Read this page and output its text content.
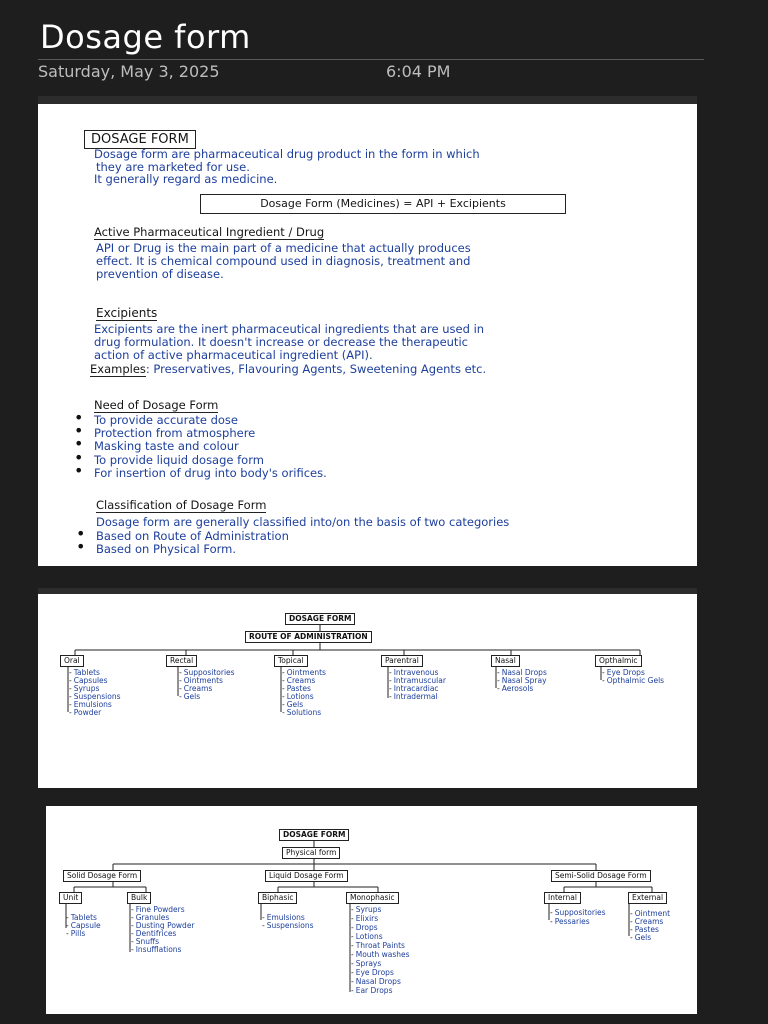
Dosage form
Saturday, May 3, 2025	6:04 PM
DOSAGE FORM
Dosage form are pharmaceutical drug product in the form in which
they are marketed for use.
It generally regard as medicine.
Dosage Form (Medicines) = API + Excipients
Active Pharmaceutical Ingredient / Drug
API or Drug is the main part of a medicine that actually produces
effect. It is chemical compound used in diagnosis, treatment and
prevention of disease.
Excipients
Excipients are the inert pharmaceutical ingredients that are used in
drug formulation. It doesn't increase or decrease the therapeutic
action of active pharmaceutical ingredient (API).
Examples: Preservatives, Flavouring Agents, Sweetening Agents etc.
Need of Dosage Form
• To provide accurate dose
• Protection from atmosphere
• Masking taste and colour
• To provide liquid dosage form
• For insertion of drug into body's orifices.
Classification of Dosage Form
Dosage form are generally classified into/on the basis of two categories
• Based on Route of Administration
• Based on Physical Form.
DOSAGE FORM
ROUTE OF ADMINISTRATION
Oral
- Tablets
- Capsules
- Syrups
- Suspensions
- Emulsions
- Powder
Rectal
- Suppositories
- Ointments
- Creams
- Gels
Topical
- Ointments
- Creams
- Pastes
- Lotions
- Gels
- Solutions
Parentral
- Intravenous
- Intramuscular
- Intracardiac
- Intradermal
Nasal
- Nasal Drops
- Nasal Spray
- Aerosols
Opthalmic
- Eye Drops
- Opthalmic Gels
DOSAGE FORM
Physical form
Solid Dosage Form	Liquid Dosage Form	Semi-Solid Dosage Form
Unit
- Tablets
- Capsule
- Pills
Bulk
- Fine Powders
- Granules
- Dusting Powder
- Dentifrices
- Snuffs
- Insufflations
Biphasic
- Emulsions
- Suspensions
Monophasic
- Syrups
- Elixirs
- Drops
- Lotions
- Throat Paints
- Mouth washes
- Sprays
- Eye Drops
- Nasal Drops
- Ear Drops
Internal
- Suppositories
- Pessaries
External
- Ointment
- Creams
- Pastes
- Gels
